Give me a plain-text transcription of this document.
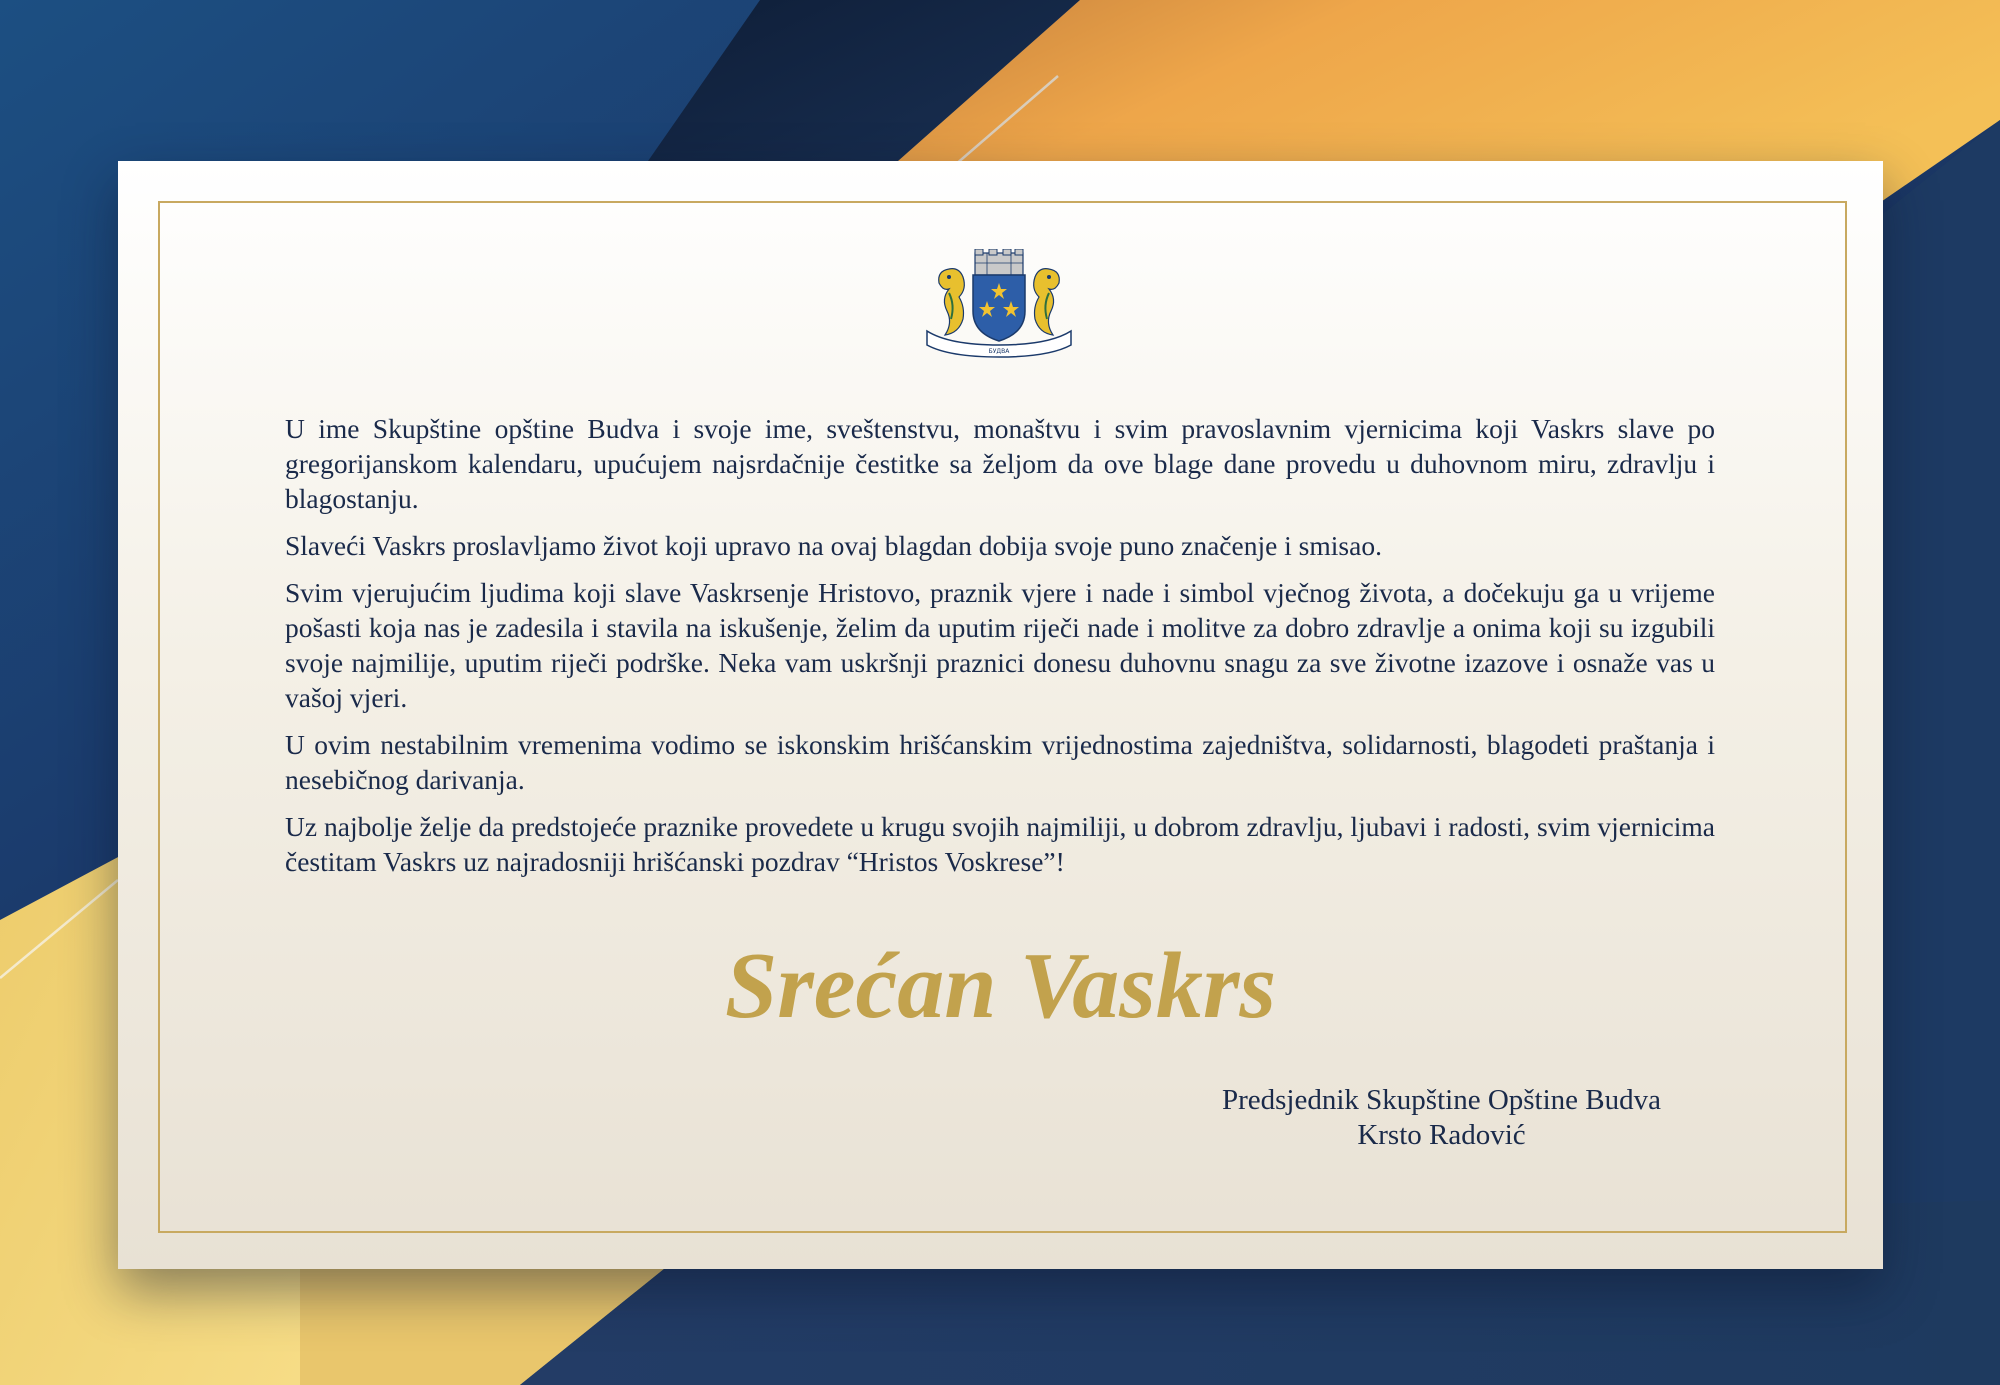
БУДВА

U ime Skupštine opštine Budva i svoje ime, sveštenstvu, monaštvu i svim pravoslavnim vjernicima koji Vaskrs slave po gregorijanskom kalendaru, upućujem najsrdačnije čestitke sa željom da ove blage dane provedu u duhovnom miru, zdravlju i blagostanju.

Slaveći Vaskrs proslavljamo život koji upravo na ovaj blagdan dobija svoje puno značenje i smisao.

Svim vjerujućim ljudima koji slave Vaskrsenje Hristovo, praznik vjere i nade i simbol vječnog života, a dočekuju ga u vrijeme pošasti koja nas je zadesila i stavila na iskušenje, želim da uputim riječi nade i molitve za dobro zdravlje a onima koji su izgubili svoje najmilije, uputim riječi podrške. Neka vam uskršnji praznici donesu duhovnu snagu za sve životne izazove i osnaže vas u vašoj vjeri.

U ovim nestabilnim vremenima vodimo se iskonskim hrišćanskim vrijednostima zajedništva, solidarnosti, blagodeti praštanja i nesebičnog darivanja.

Uz najbolje želje da predstojeće praznike provedete u krugu svojih najmiliji, u dobrom zdravlju, ljubavi i radosti, svim vjernicima čestitam Vaskrs uz najradosniji hrišćanski pozdrav “Hristos Voskrese”!

Srećan Vaskrs
Predsjednik Skupštine Opštine Budva
Krsto Radović
